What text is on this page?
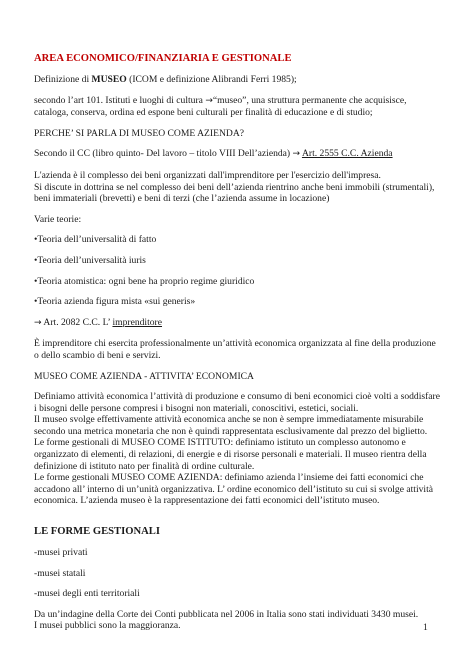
AREA ECONOMICO/FINANZIARIA E GESTIONALE

Definizione di MUSEO (ICOM e definizione Alibrandi Ferri 1985);

secondo l’art 101. Istituti e luoghi di cultura →“museo”, una struttura permanente che acquisisce, cataloga, conserva, ordina ed espone beni culturali per finalità di educazione e di studio;

PERCHE’ SI PARLA DI MUSEO COME AZIENDA?

Secondo il CC (libro quinto- Del lavoro – titolo VIII Dell’azienda) → Art. 2555 C.C. Azienda

L'azienda è il complesso dei beni organizzati dall'imprenditore per l'esercizio dell'impresa.

Si discute in dottrina se nel complesso dei beni dell’azienda rientrino anche beni immobili (strumentali), beni immateriali (brevetti) e beni di terzi (che l’azienda assume in locazione)

Varie teorie:

•Teoria dell’universalità di fatto

•Teoria dell’universalità iuris

•Teoria atomistica: ogni bene ha proprio regime giuridico

•Teoria azienda figura mista «sui generis»

→ Art. 2082 C.C. L’ imprenditore

È imprenditore chi esercita professionalmente un’attività economica organizzata al fine della produzione o dello scambio di beni e servizi.

MUSEO COME AZIENDA - ATTIVITA’ ECONOMICA

Definiamo attività economica l’attività di produzione e consumo di beni economici cioè volti a soddisfare i bisogni delle persone compresi i bisogni non materiali, conoscitivi, estetici, sociali.

Il museo svolge effettivamente attività economica anche se non è sempre immediatamente misurabile secondo una metrica monetaria che non è quindi rappresentata esclusivamente dal prezzo del biglietto.

Le forme gestionali di MUSEO COME ISTITUTO: definiamo istituto un complesso autonomo e organizzato di elementi, di relazioni, di energie e di risorse personali e materiali. Il museo rientra della definizione di istituto nato per finalità di ordine culturale.

Le forme gestionali MUSEO COME AZIENDA: definiamo azienda l’insieme dei fatti economici che accadono all’ interno di un’unità organizzativa. L’ ordine economico dell’istituto su cui si svolge attività economica. L’azienda museo è la rappresentazione dei fatti economici dell’istituto museo.

LE FORME GESTIONALI

-musei privati

-musei statali

-musei degli enti territoriali

Da un’indagine della Corte dei Conti pubblicata nel 2006 in Italia sono stati individuati 3430 musei.

I musei pubblici sono la maggioranza.	1
